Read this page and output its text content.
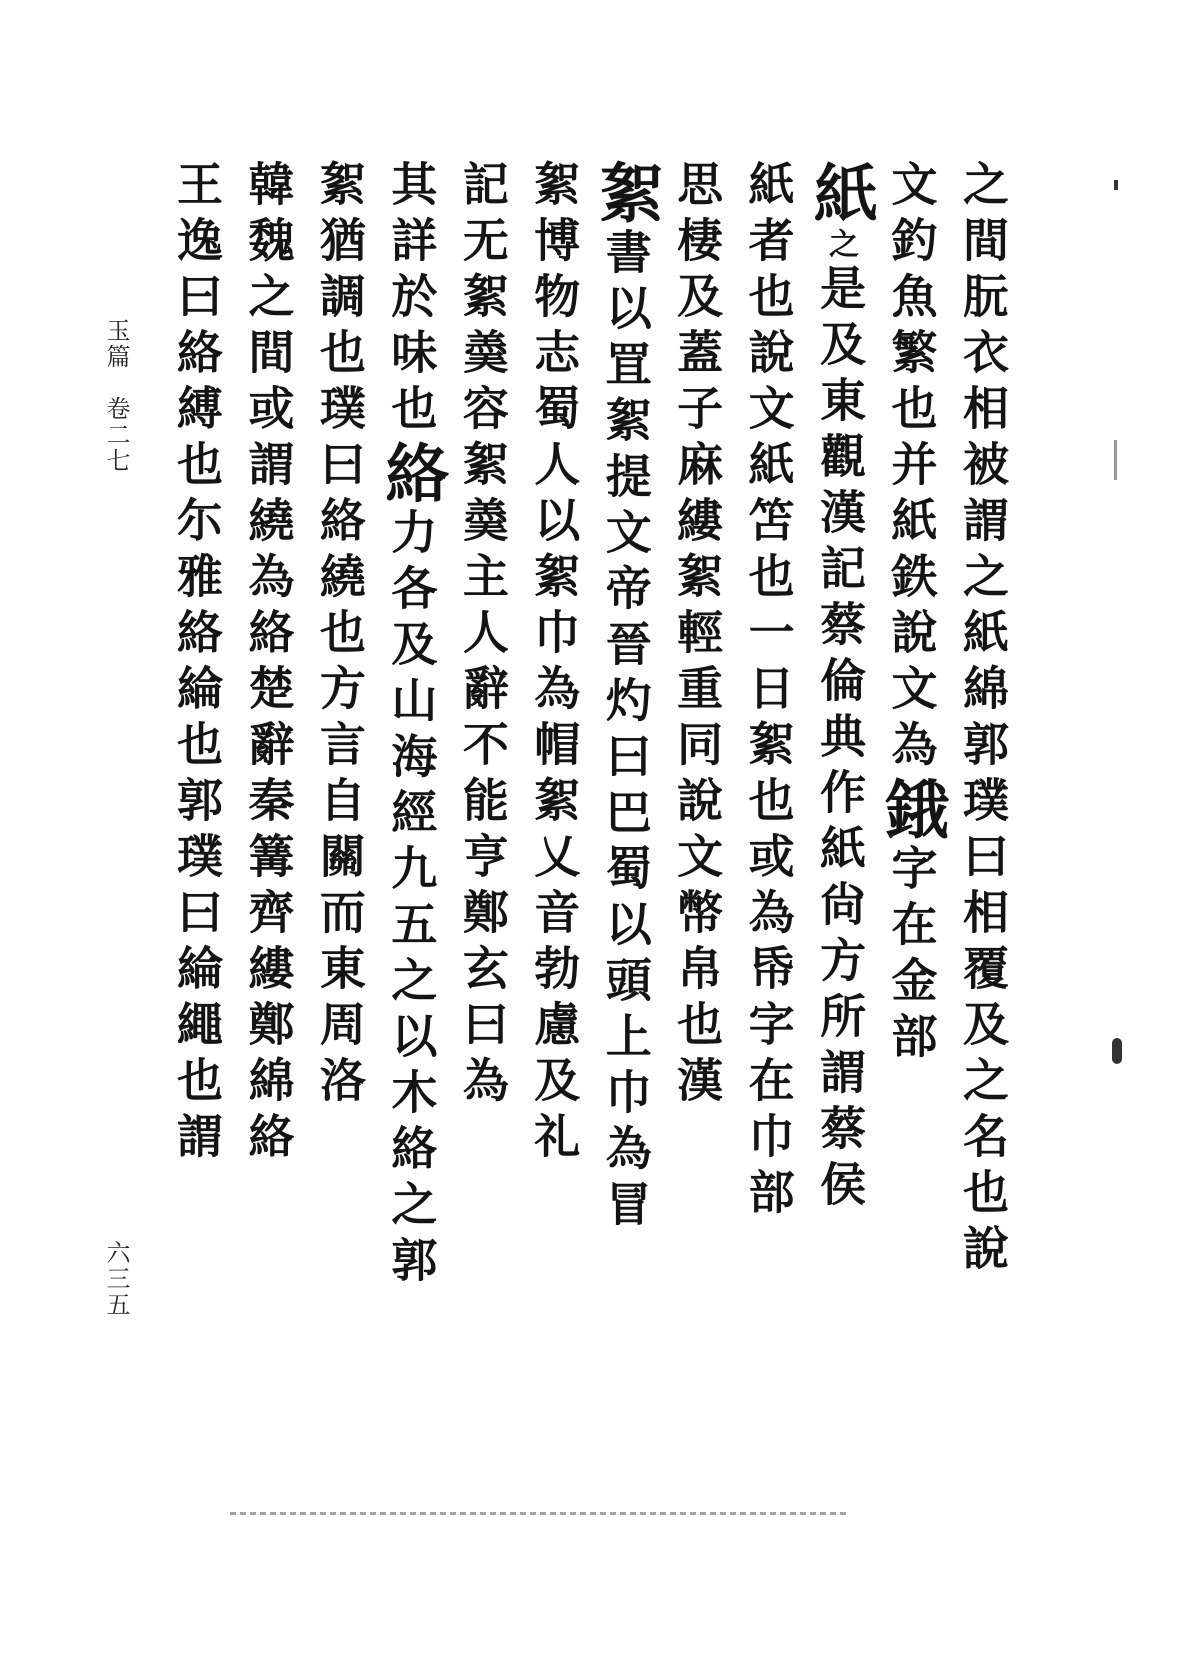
玉篇卷二七
六三五	之間朊衣相被謂之紙綿郭璞曰相覆及之名也說
文釣魚繁也并紙鉄說文為鋨字在金部
紙之是及東觀漢記蔡倫典作紙尙方所謂蔡侯
紙者也說文紙笘也一日絮也或為帋字在巾部
思棲及蓋子麻縷絮輕重同說文幣帛也漢
絮書以罝絮提文帝晉灼曰巴蜀以頭上巾為冒
絮博物志蜀人以絮巾為帽絮乂音勃慮及礼
記无絮羮容絮羮主人辭不能亨鄭玄曰為
其詳於味也絡力各及山海經九五之以木絡之郭
絮猶調也璞曰絡繞也方言自關而東周洛
韓魏之間或謂繞為絡楚辭秦篝齊縷鄭綿絡
王逸曰絡縛也尓雅絡綸也郭璞曰綸繩也謂
